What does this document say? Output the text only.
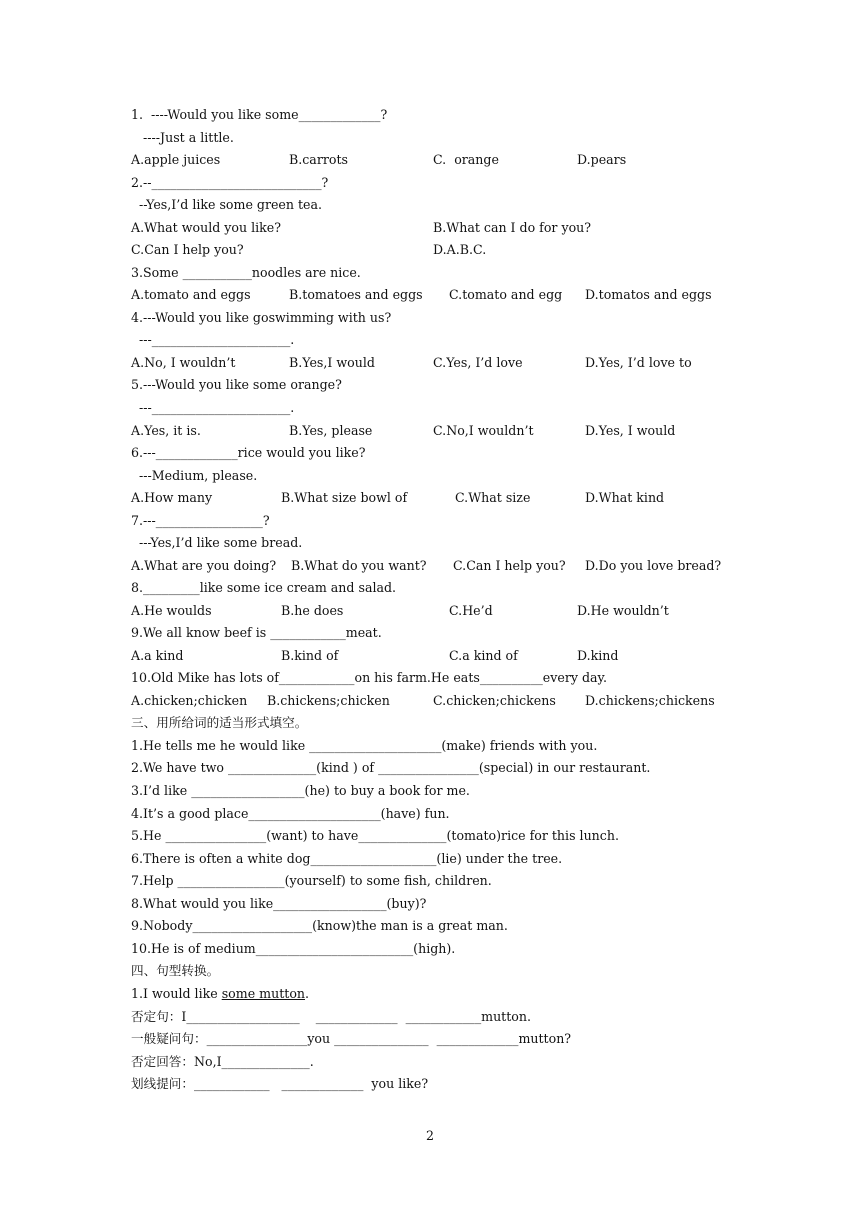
1.  ----Would you like some_____________?
----Just a little.

A.apple juices

	B.carrots

	C.  orange

	D.pears

2.--___________________________?
--Yes,I’d like some green tea.

A.What would you like?

	B.What can I do for you?

C.Can I help you?

	D.A.B.C.

3.Some ___________noodles are nice.

A.tomato and eggs

	B.tomatoes and eggs

C.tomato and egg

D.tomatos and eggs

4.---Would you like goswimming with us?
---______________________.

A.No, I wouldn’t

	B.Yes,I would

	C.Yes, I’d love

	D.Yes, I’d love to

5.---Would you like some orange?
---______________________.

A.Yes, it is.

	B.Yes, please

	C.No,I wouldn’t

	D.Yes, I would

6.---_____________rice would you like?
---Medium, please.

A.How many

	B.What size bowl of

	C.What size

	D.What kind

7.---_________________?
---Yes,I’d like some bread.

A.What are you doing?

B.What do you want?

C.Can I help you?

D.Do you love bread?

8._________like some ice cream and salad.

A.He woulds

	B.he does

	C.He’d

	D.He wouldn’t

9.We all know beef is ____________meat.

A.a kind

	B.kind of

	C.a kind of

	D.kind

10.Old Mike has lots of____________on his farm.He eats__________every day.

A.chicken;chicken

B.chickens;chicken

	C.chicken;chickens

D.chickens;chickens

三、用所给词的适当形式填空。
1.He tells me he would like _____________________(make) friends with you.
2.We have two ______________(kind ) of ________________(special) in our restaurant.
3.I’d like __________________(he) to buy a book for me.
4.It’s a good place_____________________(have) fun.
5.He ________________(want) to have______________(tomato)rice for this lunch.
6.There is often a white dog____________________(lie) under the tree.
7.Help _________________(yourself) to some fish, children.
8.What would you like__________________(buy)?
9.Nobody___________________(know)the man is a great man.
10.He is of medium_________________________(high).
四、句型转换。
1.I would like some mutton.
否定句：I__________________    _____________  ____________mutton.
一般疑问句：________________you _______________  _____________mutton?
否定回答：No,I______________.
划线提问：____________   _____________  you like?
2
